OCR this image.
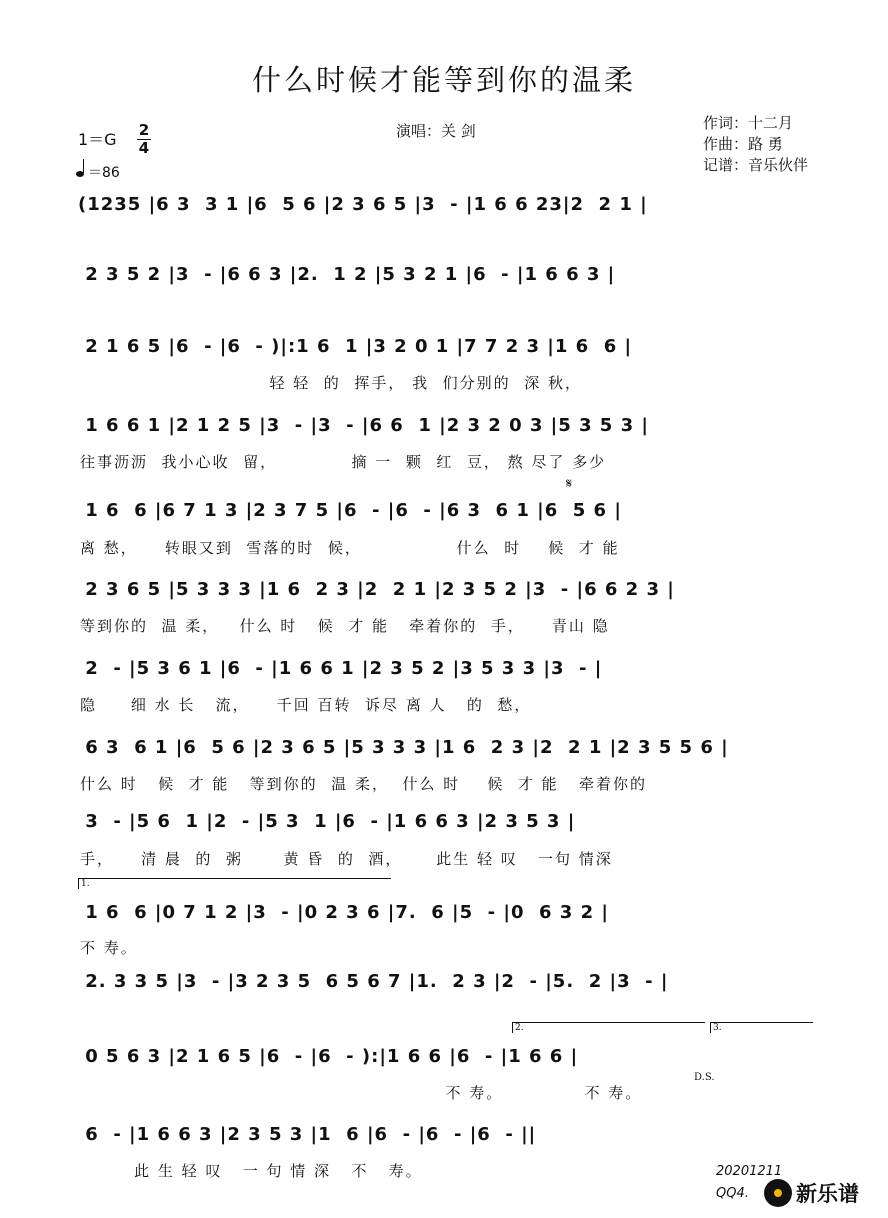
什么时候才能等到你的温柔
演唱：关 剑	作词：十二月
作曲：路 勇
记谱：音乐伙伴
1＝G 2
4
＝86
(1235 |6 3  3 1 |6  5 6 |2 3 6 5 |3  - |1 6 6 23|2  2 1 |
2 3 5 2 |3  - |6 6 3 |2.  1 2 |5 3 2 1 |6  - |1 6 6 3 |
2 1 6 5 |6  - |6  - )|:1 6  1 |3 2 0 1 |7 7 2 3 |1 6  6 |
轻 轻  的  挥手， 我  们分别的  深 秋，
1 6 6 1 |2 1 2 5 |3  - |3  - |6 6  1 |2 3 2 0 3 |5 3 5 3 |
往事沥沥  我小心收  留，           摘 一  颗  红  豆， 熬 尽了 多少
1 6  6 |6 7 1 3 |2 3 7 5 |6  - |6  - |6 3  6 1 |6  5 6 |
离 愁，    转眼又到  雪落的时  候，              什么  时    候  才 能
2 3 6 5 |5 3 3 3 |1 6  2 3 |2  2 1 |2 3 5 2 |3  - |6 6 2 3 |
等到你的  温 柔，   什么 时   候  才 能   牵着你的  手，    青山 隐
2  - |5 3 6 1 |6  - |1 6 6 1 |2 3 5 2 |3 5 3 3 |3  - |
隐     细 水 长   流，    千回 百转  诉尽 离 人   的  愁，
6 3  6 1 |6  5 6 |2 3 6 5 |5 3 3 3 |1 6  2 3 |2  2 1 |2 3 5 5 6 |
什么 时   候  才 能   等到你的  温 柔，  什么 时    候  才 能   牵着你的
3  - |5 6  1 |2  - |5 3  1 |6  - |1 6 6 3 |2 3 5 3 |
手，    清 晨  的  粥      黄 昏  的  酒，     此生 轻 叹   一句 情深
1.
1 6  6 |0 7 1 2 |3  - |0 2 3 6 |7.  6 |5  - |0  6 3 2 |
不 寿。
2. 3 3 5 |3  - |3 2 3 5  6 5 6 7 |1.  2 3 |2  - |5.  2 |3  - |
2.	3.
0 5 6 3 |2 1 6 5 |6  - |6  - ):|1 6 6 |6  - |1 6 6 |
D.S.
不 寿。            不 寿。
6  - |1 6 6 3 |2 3 5 3 |1  6 |6  - |6  - |6  - ||
此 生 轻 叹   一 句 情 深   不   寿。
𝄋
20201211
QQ4. 新乐谱
